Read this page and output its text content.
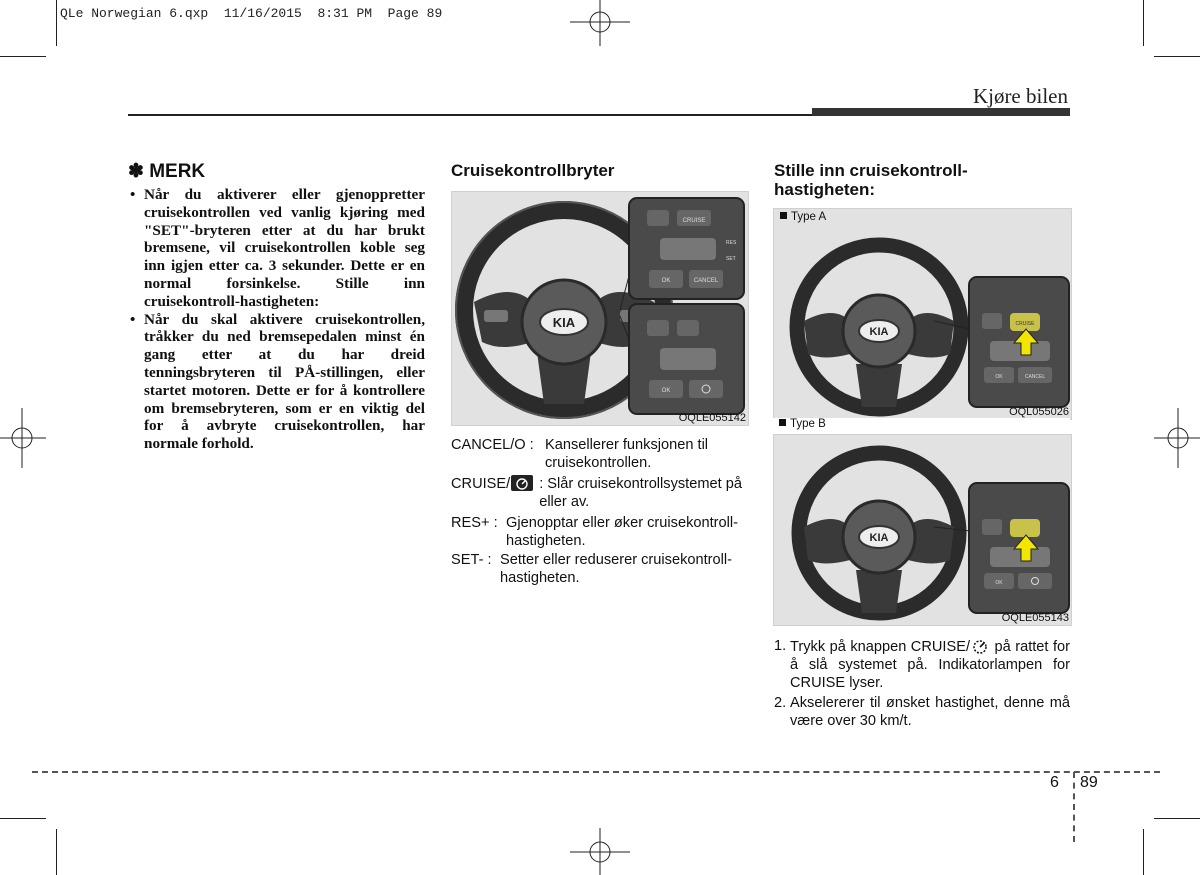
QLe Norwegian 6.qxp  11/16/2015  8:31 PM  Page 89
Kjøre bilen
✽ MERK
• Når du aktiverer eller gjenoppretter cruisekontrollen ved vanlig kjøring med "SET"-bryteren etter at du har brukt bremsene, vil cruisekontrollen koble seg inn igjen etter ca. 3 sekunder. Dette er en normal forsinkelse. Stille inn cruisekontroll-hastigheten:
• Når du skal aktivere cruisekontrollen, tråkker du ned bremsepedalen minst én gang etter at du har dreid tenningsbryteren til PÅ-stillingen, eller startet motoren. Dette er for å kontrollere om bremsebryteren, som er en viktig del for å avbryte cruisekontrollen, har normale forhold.
Cruisekontrollbryter
KIA
CRUISE
RES
SET
OK	CANCEL
OK
OQLE055142
CANCEL/O : Kansellerer funksjonen til cruisekontrollen.
CRUISE/ : Slår cruisekontrollsystemet på eller av.
RES+ : Gjenopptar eller øker cruisekontroll-hastigheten.
SET- : Setter eller reduserer cruisekontroll-hastigheten.
Stille inn cruisekontroll-hastigheten:
Type A
KIA
CRUISE
OK	CANCEL
OQL055026
Type B
KIA
OK
OQLE055143
1. Trykk på knappen CRUISE/ på rattet for å slå systemet på. Indikatorlampen for CRUISE lyser.
2. Akselererer til ønsket hastighet, denne må være over 30 km/t.
6 89
